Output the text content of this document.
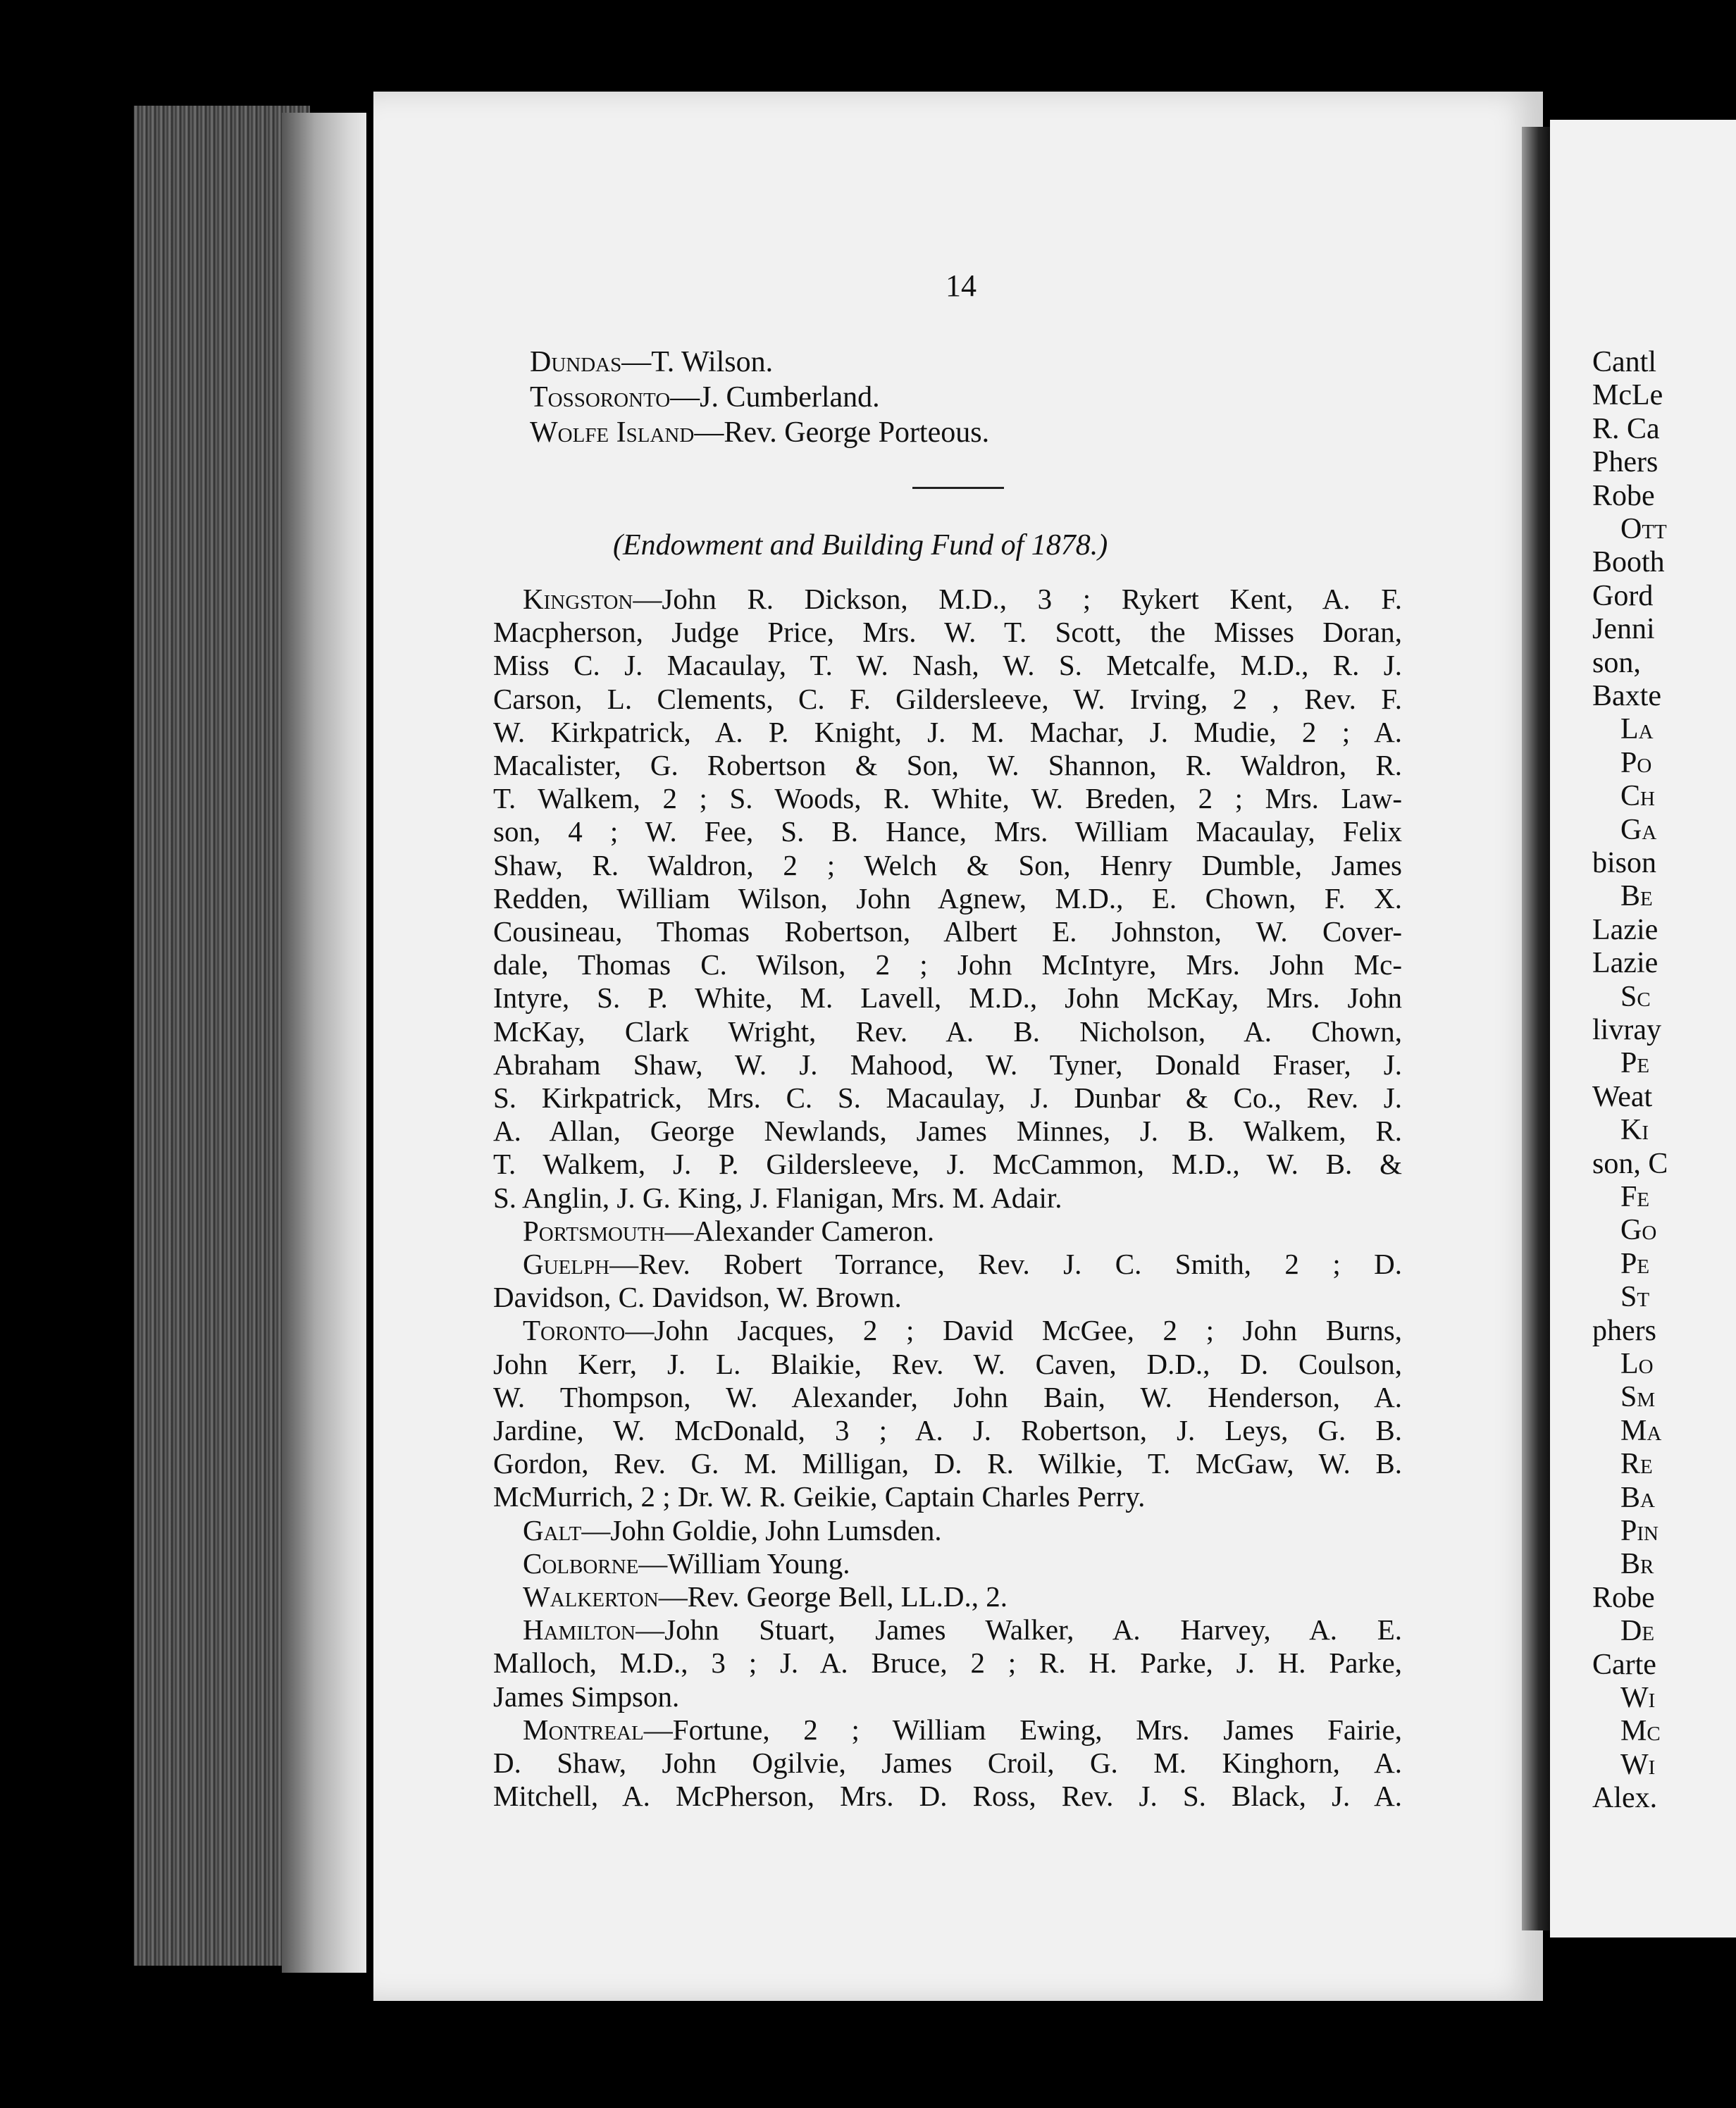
Cantl
McLe
R. Ca
Phers
Robe
Ott
Booth
Gord
Jenni
son,
Baxte
La
Po
Ch
Ga
bison
Be
Lazie
Lazie
Sc
livray
Pe
Weat
Ki
son, C
Fe
Go
Pe
St
phers
Lo
Sm
Ma
Re
Ba
Pin
Br
Robe
De
Carte
Wi
Mc
Wi
Alex.
14
Dundas—T. Wilson.
Tossoronto—J. Cumberland.
Wolfe Island—Rev. George Porteous.
(Endowment and Building Fund of 1878.)
Kingston—John R. Dickson, M.D., 3 ; Rykert Kent, A. F.
Macpherson, Judge Price, Mrs. W. T. Scott, the Misses Doran,
Miss C. J. Macaulay, T. W. Nash, W. S. Metcalfe, M.D., R. J.
Carson, L. Clements, C. F. Gildersleeve, W. Irving, 2 , Rev. F.
W. Kirkpatrick, A. P. Knight, J. M. Machar, J. Mudie, 2 ; A.
Macalister, G. Robertson & Son, W. Shannon, R. Waldron, R.
T. Walkem, 2 ; S. Woods, R. White, W. Breden, 2 ; Mrs. Law-
son, 4 ; W. Fee, S. B. Hance, Mrs. William Macaulay, Felix
Shaw, R. Waldron, 2 ; Welch & Son, Henry Dumble, James
Redden, William Wilson, John Agnew, M.D., E. Chown, F. X.
Cousineau, Thomas Robertson, Albert E. Johnston, W. Cover-
dale, Thomas C. Wilson, 2 ; John McIntyre, Mrs. John Mc-
Intyre, S. P. White, M. Lavell, M.D., John McKay, Mrs. John
McKay, Clark Wright, Rev. A. B. Nicholson, A. Chown,
Abraham Shaw, W. J. Mahood, W. Tyner, Donald Fraser, J.
S. Kirkpatrick, Mrs. C. S. Macaulay, J. Dunbar & Co., Rev. J.
A. Allan, George Newlands, James Minnes, J. B. Walkem, R.
T. Walkem, J. P. Gildersleeve, J. McCammon, M.D., W. B. &
S. Anglin, J. G. King, J. Flanigan, Mrs. M. Adair.
Portsmouth—Alexander Cameron.
Guelph—Rev. Robert Torrance, Rev. J. C. Smith, 2 ; D.
Davidson, C. Davidson, W. Brown.
Toronto—John Jacques, 2 ; David McGee, 2 ; John Burns,
John Kerr, J. L. Blaikie, Rev. W. Caven, D.D., D. Coulson,
W. Thompson, W. Alexander, John Bain, W. Henderson, A.
Jardine, W. McDonald, 3 ; A. J. Robertson, J. Leys, G. B.
Gordon, Rev. G. M. Milligan, D. R. Wilkie, T. McGaw, W. B.
McMurrich, 2 ; Dr. W. R. Geikie, Captain Charles Perry.
Galt—John Goldie, John Lumsden.
Colborne—William Young.
Walkerton—Rev. George Bell, LL.D., 2.
Hamilton—John Stuart, James Walker, A. Harvey, A. E.
Malloch, M.D., 3 ; J. A. Bruce, 2 ; R. H. Parke, J. H. Parke,
James Simpson.
Montreal—Fortune, 2 ; William Ewing, Mrs. James Fairie,
D. Shaw, John Ogilvie, James Croil, G. M. Kinghorn, A.
Mitchell, A. McPherson, Mrs. D. Ross, Rev. J. S. Black, J. A.
